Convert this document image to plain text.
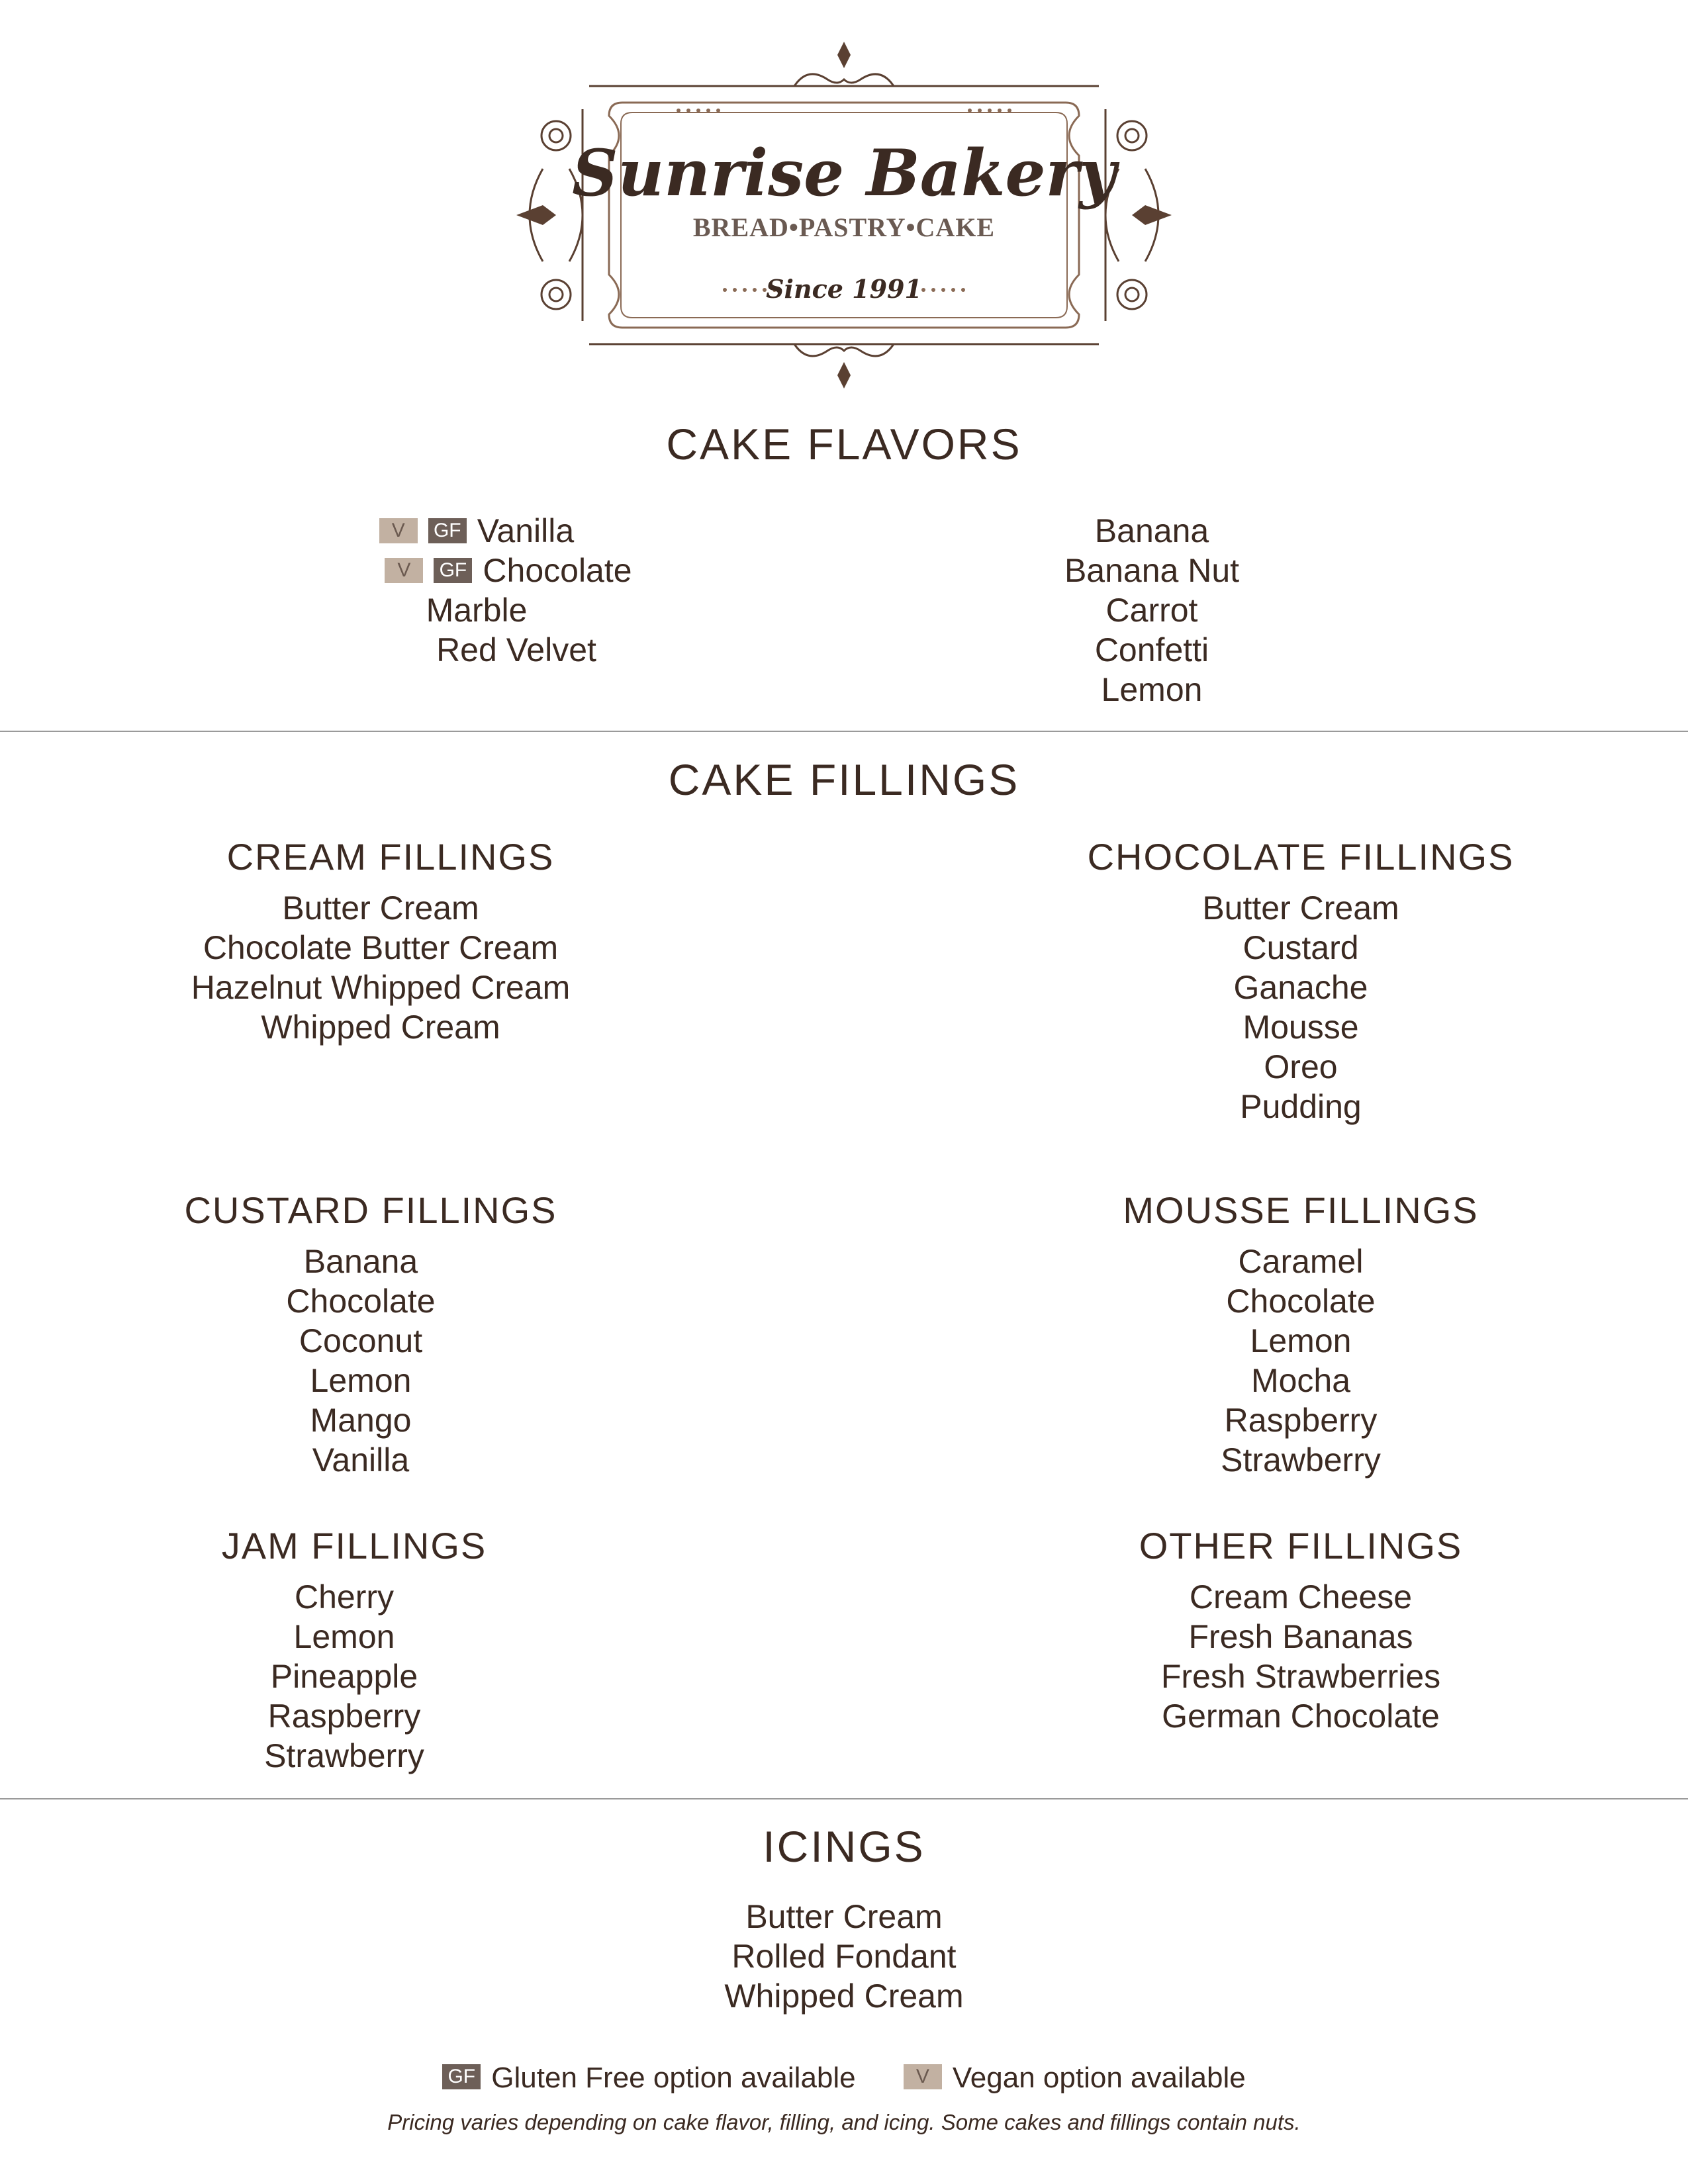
Sunrise Bakery
BREAD•PASTRY•CAKE
Since 1991
CAKE FLAVORS
V GF Vanilla
V GF Chocolate
Marble
Red Velvet
Banana
Banana Nut
Carrot
Confetti
Lemon
CAKE FILLINGS
CREAM FILLINGS
Butter Cream
Chocolate Butter Cream
Hazelnut Whipped Cream
Whipped Cream
CHOCOLATE FILLINGS
Butter Cream
Custard
Ganache
Mousse
Oreo
Pudding
CUSTARD FILLINGS
Banana
Chocolate
Coconut
Lemon
Mango
Vanilla
MOUSSE FILLINGS
Caramel
Chocolate
Lemon
Mocha
Raspberry
Strawberry
JAM FILLINGS
Cherry
Lemon
Pineapple
Raspberry
Strawberry
OTHER FILLINGS
Cream Cheese
Fresh Bananas
Fresh Strawberries
German Chocolate
ICINGS
Butter Cream
Rolled Fondant
Whipped Cream
GF Gluten Free option available	V Vegan option available
Pricing varies depending on cake flavor, filling, and icing. Some cakes and fillings contain nuts.
